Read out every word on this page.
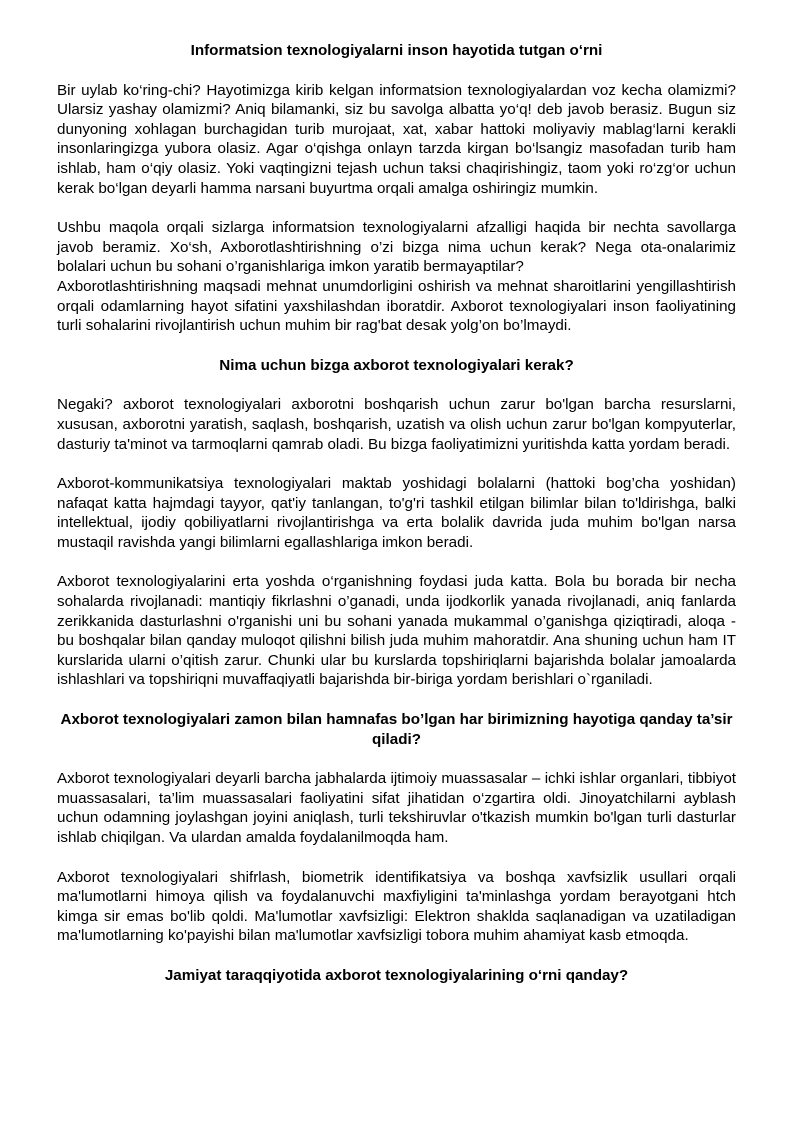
Informatsion texnologiyalarni inson hayotida tutgan o‘rni

Bir uylab ko‘ring-chi? Hayotimizga kirib kelgan informatsion texnologiyalardan voz kecha olamizmi? Ularsiz yashay olamizmi? Aniq bilamanki, siz bu savolga albatta yo‘q! deb javob berasiz. Bugun siz dunyoning xohlagan burchagidan turib murojaat, xat, xabar hattoki moliyaviy mablag‘larni kerakli insonlaringizga yubora olasiz. Agar o‘qishga onlayn tarzda kirgan bo‘lsangiz masofadan turib ham ishlab, ham o‘qiy olasiz. Yoki vaqtingizni tejash uchun taksi chaqirishingiz, taom yoki ro‘zg‘or uchun kerak bo‘lgan deyarli hamma narsani buyurtma orqali amalga oshiringiz mumkin.

Ushbu maqola orqali sizlarga informatsion texnologiyalarni afzalligi haqida bir nechta savollarga javob beramiz. Xo‘sh, Axborotlashtirishning o’zi bizga nima uchun kerak? Nega ota-onalarimiz bolalari uchun bu sohani o’rganishlariga imkon yaratib bermayaptilar?

Axborotlashtirishning maqsadi mehnat unumdorligini oshirish va mehnat sharoitlarini yengillashtirish orqali odamlarning hayot sifatini yaxshilashdan iboratdir. Axborot texnologiyalari inson faoliyatining turli sohalarini rivojlantirish uchun muhim bir rag'bat desak yolg’on bo’lmaydi.

Nima uchun bizga axborot texnologiyalari kerak?

Negaki? axborot texnologiyalari axborotni boshqarish uchun zarur bo'lgan barcha resurslarni, xususan, axborotni yaratish, saqlash, boshqarish, uzatish va olish uchun zarur bo'lgan kompyuterlar, dasturiy ta'minot va tarmoqlarni qamrab oladi. Bu bizga faoliyatimizni yuritishda katta yordam beradi.

Axborot-kommunikatsiya texnologiyalari maktab yoshidagi bolalarni (hattoki bog’cha yoshidan) nafaqat katta hajmdagi tayyor, qat'iy tanlangan, to'g'ri tashkil etilgan bilimlar bilan to'ldirishga, balki intellektual, ijodiy qobiliyatlarni rivojlantirishga va erta bolalik davrida juda muhim bo'lgan narsa mustaqil ravishda yangi bilimlarni egallashlariga imkon beradi.

Axborot texnologiyalarini erta yoshda o‘rganishning foydasi juda katta. Bola bu borada bir necha sohalarda rivojlanadi: mantiqiy fikrlashni o’ganadi, unda ijodkorlik yanada rivojlanadi, aniq fanlarda zerikkanida dasturlashni o'rganishi uni bu sohani yanada mukammal o’ganishga qiziqtiradi, aloqa - bu boshqalar bilan qanday muloqot qilishni bilish juda muhim mahoratdir. Ana shuning uchun ham IT kurslarida ularni o’qitish zarur. Chunki ular bu kurslarda topshiriqlarni bajarishda bolalar jamoalarda ishlashlari va topshiriqni muvaffaqiyatli bajarishda bir-biriga yordam berishlari o`rganiladi.

Axborot texnologiyalari zamon bilan hamnafas bo’lgan har birimizning hayotiga qanday ta’sir qiladi?

Axborot texnologiyalari deyarli barcha jabhalarda ijtimoiy muassasalar – ichki ishlar organlari, tibbiyot muassasalari, ta’lim muassasalari faoliyatini sifat jihatidan o‘zgartira oldi. Jinoyatchilarni ayblash uchun odamning joylashgan joyini aniqlash, turli tekshiruvlar o'tkazish mumkin bo'lgan turli dasturlar ishlab chiqilgan. Va ulardan amalda foydalanilmoqda ham.

Axborot texnologiyalari shifrlash, biometrik identifikatsiya va boshqa xavfsizlik usullari orqali ma'lumotlarni himoya qilish va foydalanuvchi maxfiyligini ta'minlashga yordam berayotgani htch kimga sir emas bo'lib qoldi. Ma'lumotlar xavfsizligi: Elektron shaklda saqlanadigan va uzatiladigan ma'lumotlarning ko'payishi bilan ma'lumotlar xavfsizligi tobora muhim ahamiyat kasb etmoqda.

Jamiyat taraqqiyotida axborot texnologiyalarining o‘rni qanday?
